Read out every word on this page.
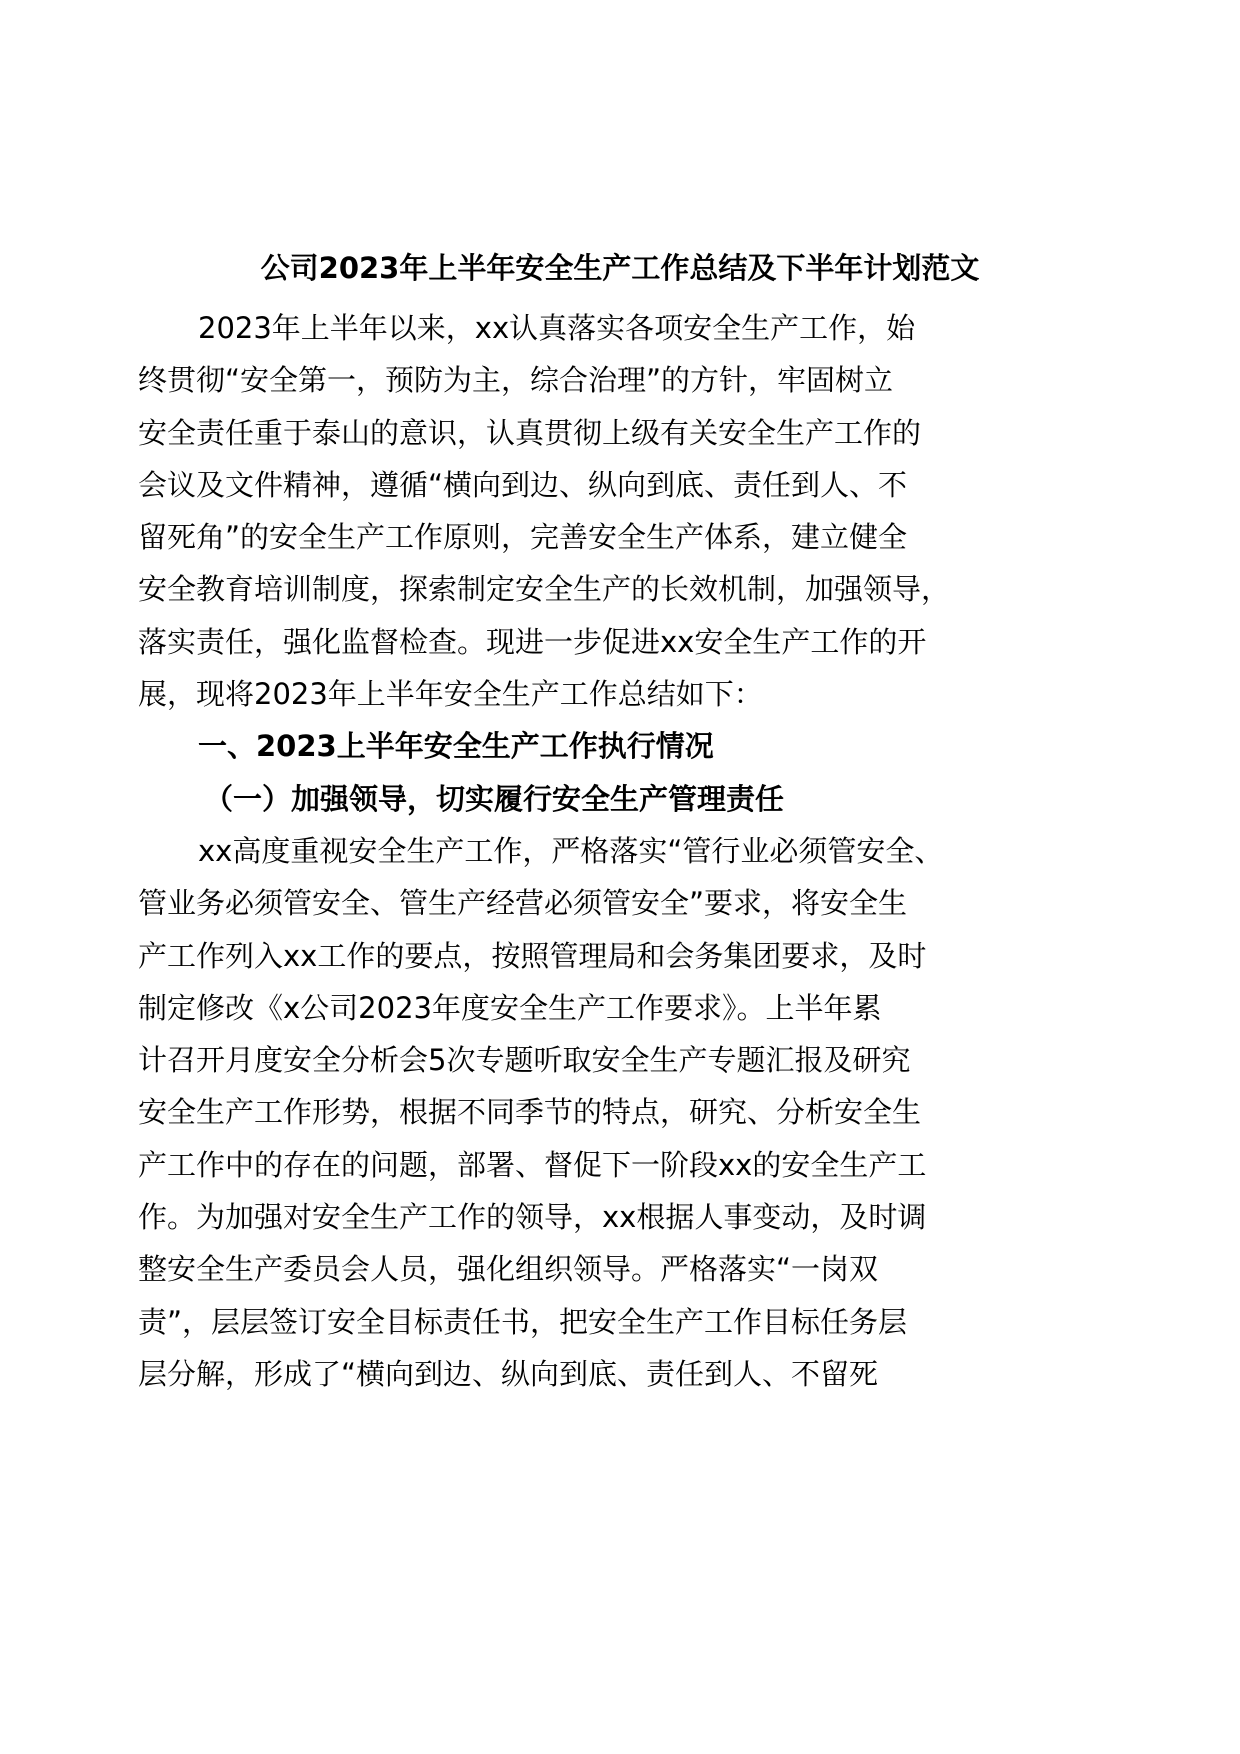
公司2023年上半年安全生产工作总结及下半年计划范文
2023年上半年以来，xx认真落实各项安全生产工作，始
终贯彻“安全第一，预防为主，综合治理”的方针，牢固树立
安全责任重于泰山的意识，认真贯彻上级有关安全生产工作的
会议及文件精神，遵循“横向到边、纵向到底、责任到人、不
留死角”的安全生产工作原则，完善安全生产体系，建立健全
安全教育培训制度，探索制定安全生产的长效机制，加强领导，
落实责任，强化监督检查。现进一步促进xx安全生产工作的开
展，现将2023年上半年安全生产工作总结如下：
一、2023上半年安全生产工作执行情况
（一）加强领导，切实履行安全生产管理责任
xx高度重视安全生产工作，严格落实“管行业必须管安全、
管业务必须管安全、管生产经营必须管安全”要求，将安全生
产工作列入xx工作的要点，按照管理局和会务集团要求，及时
制定修改《x公司2023年度安全生产工作要求》。上半年累
计召开月度安全分析会5次专题听取安全生产专题汇报及研究
安全生产工作形势，根据不同季节的特点，研究、分析安全生
产工作中的存在的问题，部署、督促下一阶段xx的安全生产工
作。为加强对安全生产工作的领导，xx根据人事变动，及时调
整安全生产委员会人员，强化组织领导。严格落实“一岗双
责”，层层签订安全目标责任书，把安全生产工作目标任务层
层分解，形成了“横向到边、纵向到底、责任到人、不留死
